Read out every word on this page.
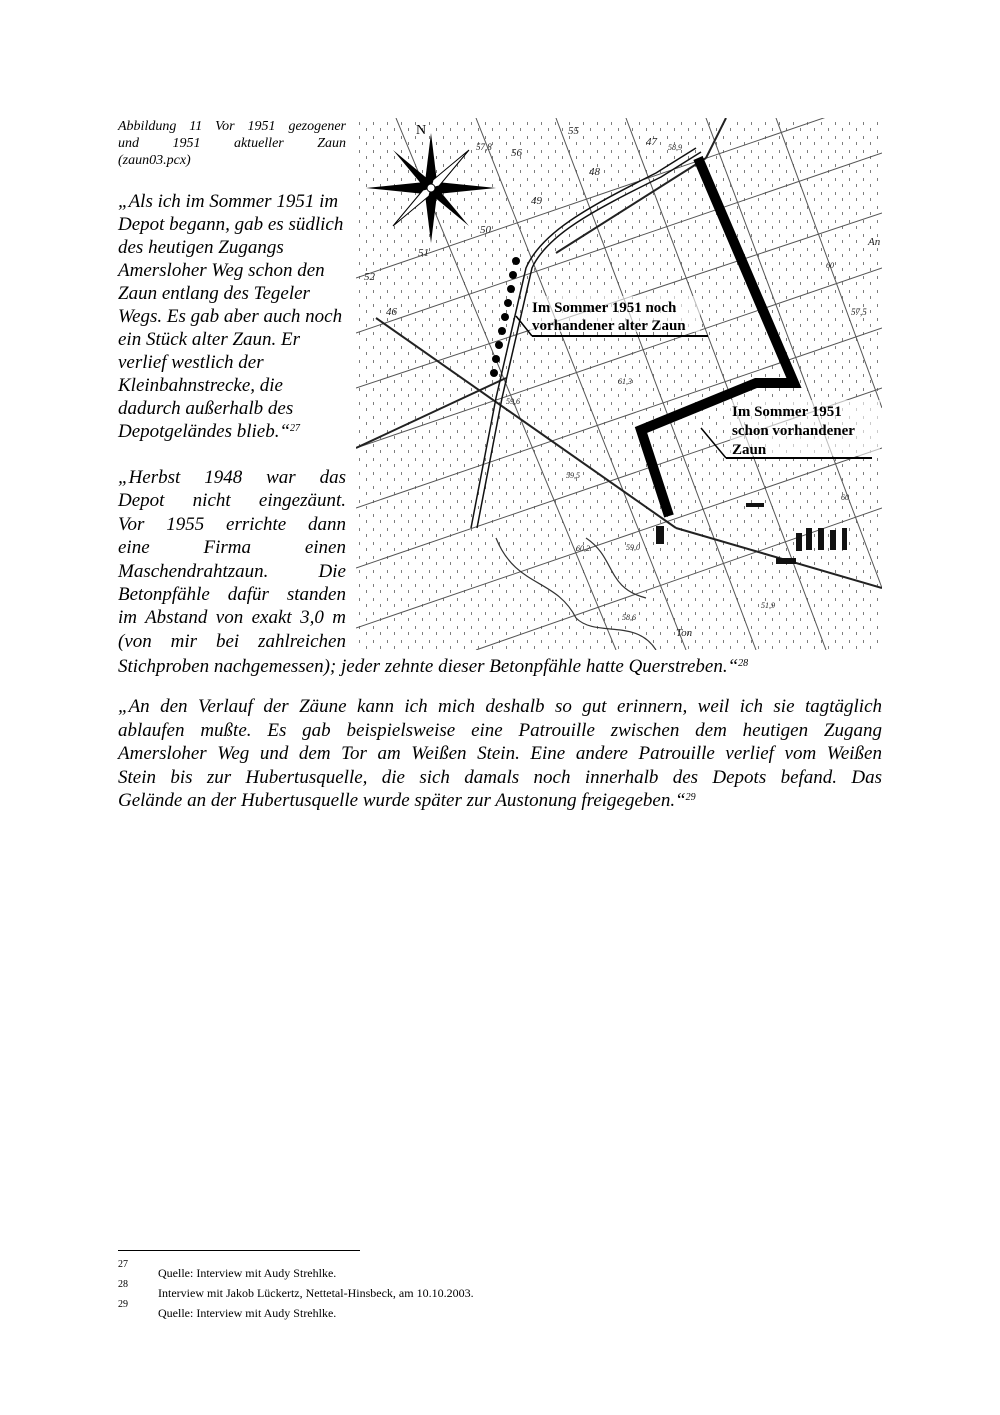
Abbildung 11 Vor 1951 gezogener
und 1951 aktueller Zaun
(zaun03.pcx)
„Als ich im Sommer 1951 im Depot begann, gab es südlich des heutigen Zugangs Amersloher Weg schon den Zaun entlang des Tegeler Wegs. Es gab aber auch noch ein Stück alter Zaun. Er verlief westlich der Kleinbahnstrecke, die dadurch außerhalb des Depotgeländes blieb.“$^{27}$
„Herbst 1948 war das
Depot nicht eingezäunt.
Vor 1955 errichte dann
eine Firma einen
Maschendrahtzaun. Die
Betonpfähle dafür standen
im Abstand von exakt 3,0 m
(von mir bei zahlreichen
Stichproben nachgemessen); jeder zehnte dieser Betonpfähle hatte Querstreben.“$^{28}$
„An den Verlauf der Zäune kann ich mich deshalb so gut erinnern, weil ich sie tagtäglich
ablaufen mußte. Es gab beispielsweise eine Patrouille zwischen dem heutigen Zugang
Amersloher Weg und dem Tor am Weißen Stein. Eine andere Patrouille verlief vom Weißen
Stein bis zur Hubertusquelle, die sich damals noch innerhalb des Depots befand. Das
Gelände an der Hubertusquelle wurde später zur Austonung freigegeben.“$^{29}$
N	55
47 58,9
57,8 56
48
49
50
51
52
46
An
60
57,5
61,3
59,6
59,5
59,0
60
60,2
51,9
58,6
Ton
Im Sommer 1951 noch
vorhandener alter Zaun
Im Sommer 1951
schon vorhandener
Zaun
27
Quelle: Interview mit Audy Strehlke.
28
Interview mit Jakob Lückertz, Nettetal-Hinsbeck, am 10.10.2003.
29
Quelle: Interview mit Audy Strehlke.
